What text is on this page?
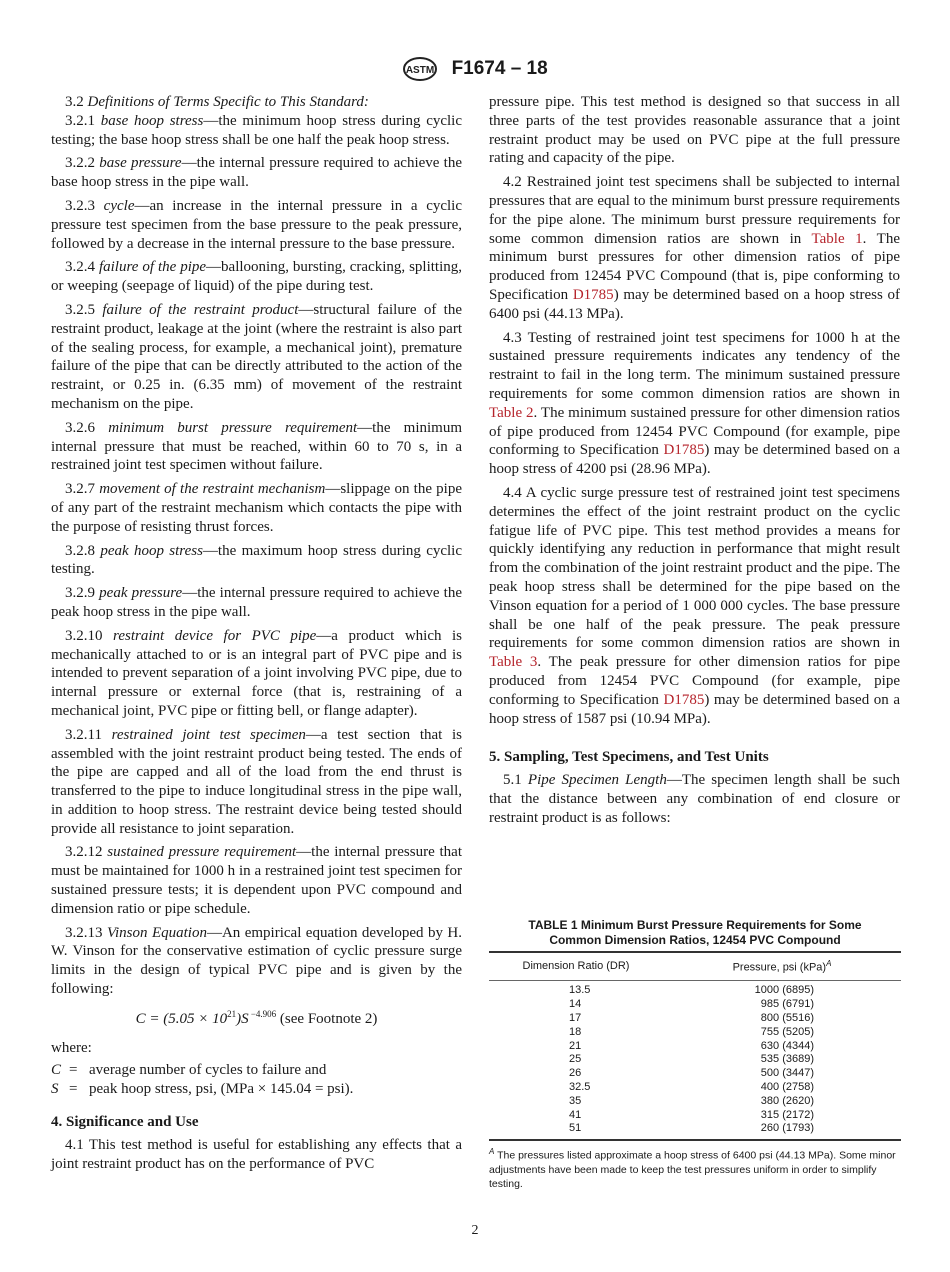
ASTM F1674 – 18

3.2 Definitions of Terms Specific to This Standard:

3.2.1 base hoop stress—the minimum hoop stress during cyclic testing; the base hoop stress shall be one half the peak hoop stress.

3.2.2 base pressure—the internal pressure required to achieve the base hoop stress in the pipe wall.

3.2.3 cycle—an increase in the internal pressure in a cyclic pressure test specimen from the base pressure to the peak pressure, followed by a decrease in the internal pressure to the base pressure.

3.2.4 failure of the pipe—ballooning, bursting, cracking, splitting, or weeping (seepage of liquid) of the pipe during test.

3.2.5 failure of the restraint product—structural failure of the restraint product, leakage at the joint (where the restraint is also part of the sealing process, for example, a mechanical joint), premature failure of the pipe that can be directly attributed to the action of the restraint, or 0.25 in. (6.35 mm) of movement of the restraint mechanism on the pipe.

3.2.6 minimum burst pressure requirement—the minimum internal pressure that must be reached, within 60 to 70 s, in a restrained joint test specimen without failure.

3.2.7 movement of the restraint mechanism—slippage on the pipe of any part of the restraint mechanism which contacts the pipe with the purpose of resisting thrust forces.

3.2.8 peak hoop stress—the maximum hoop stress during cyclic testing.

3.2.9 peak pressure—the internal pressure required to achieve the peak hoop stress in the pipe wall.

3.2.10 restraint device for PVC pipe—a product which is mechanically attached to or is an integral part of PVC pipe and is intended to prevent separation of a joint involving PVC pipe, due to internal pressure or external force (that is, restraining of a mechanical joint, PVC pipe or fitting bell, or flange adapter).

3.2.11 restrained joint test specimen—a test section that is assembled with the joint restraint product being tested. The ends of the pipe are capped and all of the load from the end thrust is transferred to the pipe to induce longitudinal stress in the pipe wall, in addition to hoop stress. The restraint device being tested should provide all resistance to joint separation.

3.2.12 sustained pressure requirement—the internal pressure that must be maintained for 1000 h in a restrained joint test specimen for sustained pressure tests; it is dependent upon PVC compound and dimension ratio or pipe schedule.

3.2.13 Vinson Equation—An empirical equation developed by H. W. Vinson for the conservative estimation of cyclic pressure surge limits in the design of typical PVC pipe and is given by the following:

$C = (5.05 \times 10^{21})S$ $^{-4.906}$ (see Footnote 2)
where:
C = average number of cycles to failure and
S = peak hoop stress, psi, (MPa × 145.04 = psi).
4. Significance and Use

4.1 This test method is useful for establishing any effects that a joint restraint product has on the performance of PVC

pressure pipe. This test method is designed so that success in all three parts of the test provides reasonable assurance that a joint restraint product may be used on PVC pipe at the full pressure rating and capacity of the pipe.

4.2 Restrained joint test specimens shall be subjected to internal pressures that are equal to the minimum burst pressure requirements for the pipe alone. The minimum burst pressure requirements for some common dimension ratios are shown in Table 1. The minimum burst pressures for other dimension ratios of pipe produced from 12454 PVC Compound (that is, pipe conforming to Specification D1785) may be determined based on a hoop stress of 6400 psi (44.13 MPa).

4.3 Testing of restrained joint test specimens for 1000 h at the sustained pressure requirements indicates any tendency of the restraint to fail in the long term. The minimum sustained pressure requirements for some common dimension ratios are shown in Table 2. The minimum sustained pressure for other dimension ratios of pipe produced from 12454 PVC Compound (for example, pipe conforming to Specification D1785) may be determined based on a hoop stress of 4200 psi (28.96 MPa).

4.4 A cyclic surge pressure test of restrained joint test specimens determines the effect of the joint restraint product on the cyclic fatigue life of PVC pipe. This test method provides a means for quickly identifying any reduction in performance that might result from the combination of the joint restraint product and the pipe. The peak hoop stress shall be determined for the pipe based on the Vinson equation for a period of 1 000 000 cycles. The base pressure shall be one half of the peak pressure. The peak pressure requirements for some common dimension ratios are shown in Table 3. The peak pressure for other dimension ratios for pipe produced from 12454 PVC Compound (for example, pipe conforming to Specification D1785) may be determined based on a hoop stress of 1587 psi (10.94 MPa).

5. Sampling, Test Specimens, and Test Units

5.1 Pipe Specimen Length—The specimen length shall be such that the distance between any combination of end closure or restraint product is as follows:

TABLE 1 Minimum Burst Pressure Requirements for Some
Common Dimension Ratios, 12454 PVC Compound
Dimension Ratio (DR)	Pressure, psi (kPa)$^A$
13.5	1000 (6895)
14	985 (6791)
17	800 (5516)
18	755 (5205)
21	630 (4344)
25	535 (3689)
26	500 (3447)
32.5	400 (2758)
35	380 (2620)
41	315 (2172)
51	260 (1793)
$^A$ The pressures listed approximate a hoop stress of 6400 psi (44.13 MPa). Some minor adjustments have been made to keep the test pressures uniform in order to simplify testing.
2
